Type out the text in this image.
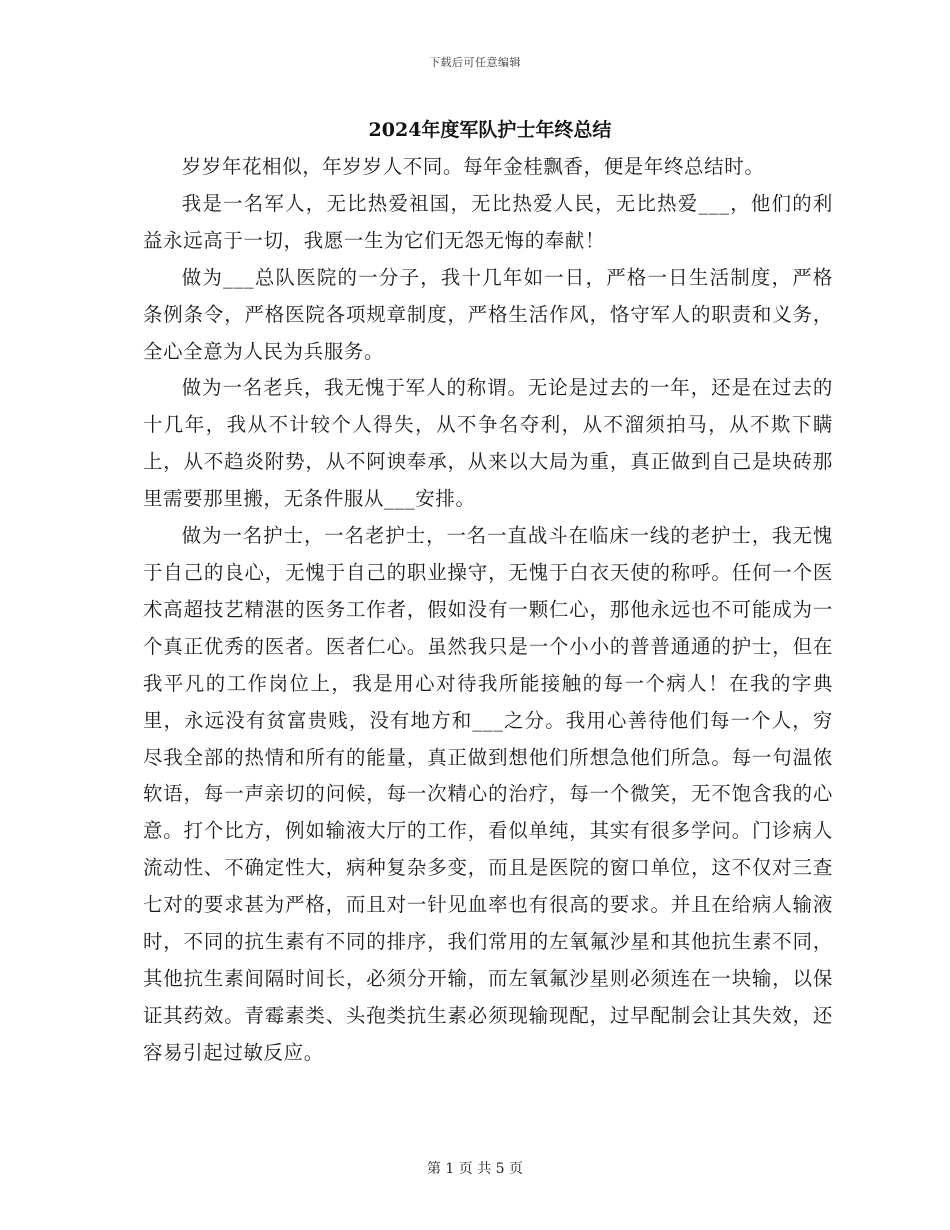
下载后可任意编辑
2024年度军队护士年终总结

岁岁年花相似，年岁岁人不同。每年金桂飘香，便是年终总结时。

我是一名军人，无比热爱祖国，无比热爱人民，无比热爱___，他们的利益永远高于一切，我愿一生为它们无怨无悔的奉献！

做为___总队医院的一分子，我十几年如一日，严格一日生活制度，严格条例条令，严格医院各项规章制度，严格生活作风，恪守军人的职责和义务，全心全意为人民为兵服务。

做为一名老兵，我无愧于军人的称谓。无论是过去的一年，还是在过去的十几年，我从不计较个人得失，从不争名夺利，从不溜须拍马，从不欺下瞒上，从不趋炎附势，从不阿谀奉承，从来以大局为重，真正做到自己是块砖那里需要那里搬，无条件服从___安排。

做为一名护士，一名老护士，一名一直战斗在临床一线的老护士，我无愧于自己的良心，无愧于自己的职业操守，无愧于白衣天使的称呼。任何一个医术高超技艺精湛的医务工作者，假如没有一颗仁心，那他永远也不可能成为一个真正优秀的医者。医者仁心。虽然我只是一个小小的普普通通的护士，但在我平凡的工作岗位上，我是用心对待我所能接触的每一个病人！在我的字典里，永远没有贫富贵贱，没有地方和___之分。我用心善待他们每一个人，穷尽我全部的热情和所有的能量，真正做到想他们所想急他们所急。每一句温侬软语，每一声亲切的问候，每一次精心的治疗，每一个微笑，无不饱含我的心意。打个比方，例如输液大厅的工作，看似单纯，其实有很多学问。门诊病人流动性、不确定性大，病种复杂多变，而且是医院的窗口单位，这不仅对三查七对的要求甚为严格，而且对一针见血率也有很高的要求。并且在给病人输液时，不同的抗生素有不同的排序，我们常用的左氧氟沙星和其他抗生素不同，其他抗生素间隔时间长，必须分开输，而左氧氟沙星则必须连在一块输，以保证其药效。青霉素类、头孢类抗生素必须现输现配，过早配制会让其失效，还容易引起过敏反应。

第 1 页 共 5 页
